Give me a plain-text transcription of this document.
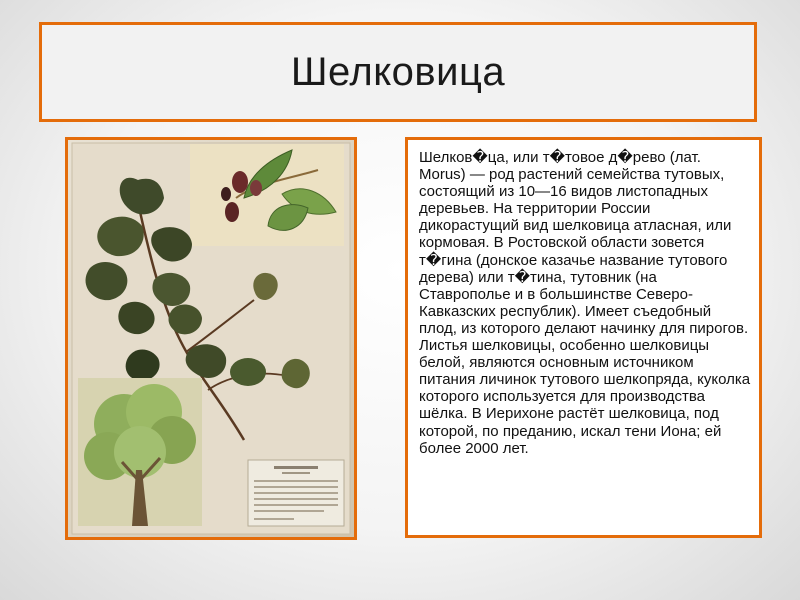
Шелковица

Шелков�ца, или т�товое д�рево (лат. Morus) — род растений семейства тутовых, состоящий из 10—16 видов листопадных деревьев. На территории России дикорастущий вид шелковица атласная, или кормовая. В Ростовской области зовется т�гина (донское казачье название тутового дерева) или т�тина, тутовник (на Ставрополье и в большинстве Северо-Кавказских республик). Имеет съедобный плод, из которого делают начинку для пирогов. Листья шелковицы, особенно шелковицы белой, являются основным источником питания личинок тутового шелкопряда, куколка которого используется для производства шёлка. В Иерихоне растёт шелковица, под которой, по преданию, искал тени Иона; ей более 2000 лет.
